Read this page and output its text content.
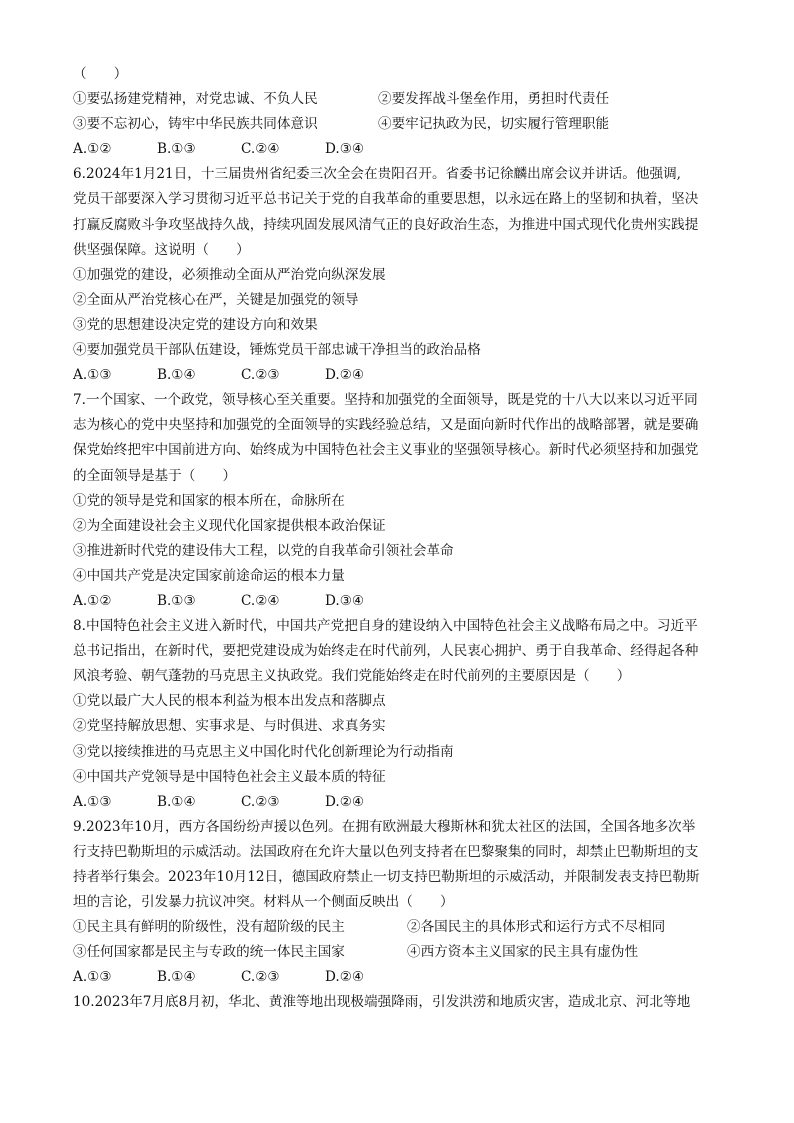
（　　）
①要弘扬建党精神，对党忠诚、不负人民	②要发挥战斗堡垒作用，勇担时代责任
③要不忘初心，铸牢中华民族共同体意识	④要牢记执政为民，切实履行管理职能
A.①②	B.①③	C.②④	D.③④
6.2024年1月21日，十三届贵州省纪委三次全会在贵阳召开。省委书记徐麟出席会议并讲话。他强调,
党员干部要深入学习贯彻习近平总书记关于党的自我革命的重要思想，以永远在路上的坚韧和执着，坚决
打赢反腐败斗争攻坚战持久战，持续巩固发展风清气正的良好政治生态，为推进中国式现代化贵州实践提
供坚强保障。这说明（　　）
①加强党的建设，必须推动全面从严治党向纵深发展
②全面从严治党核心在严，关键是加强党的领导
③党的思想建设决定党的建设方向和效果
④要加强党员干部队伍建设，锤炼党员干部忠诚干净担当的政治品格
A.①③	B.①④	C.②③	D.②④
7.一个国家、一个政党，领导核心至关重要。坚持和加强党的全面领导，既是党的十八大以来以习近平同
志为核心的党中央坚持和加强党的全面领导的实践经验总结，又是面向新时代作出的战略部署，就是要确
保党始终把牢中国前进方向、始终成为中国特色社会主义事业的坚强领导核心。新时代必须坚持和加强党
的全面领导是基于（　　）
①党的领导是党和国家的根本所在，命脉所在
②为全面建设社会主义现代化国家提供根本政治保证
③推进新时代党的建设伟大工程，以党的自我革命引领社会革命
④中国共产党是决定国家前途命运的根本力量
A.①②	B.①③	C.②④	D.③④
8.中国特色社会主义进入新时代，中国共产党把自身的建设纳入中国特色社会主义战略布局之中。习近平
总书记指出，在新时代，要把党建设成为始终走在时代前列，人民衷心拥护、勇于自我革命、经得起各种
风浪考验、朝气蓬勃的马克思主义执政党。我们党能始终走在时代前列的主要原因是（　　）
①党以最广大人民的根本利益为根本出发点和落脚点
②党坚持解放思想、实事求是、与时俱进、求真务实
③党以接续推进的马克思主义中国化时代化创新理论为行动指南
④中国共产党领导是中国特色社会主义最本质的特征
A.①③	B.①④	C.②③	D.②④
9.2023年10月，西方各国纷纷声援以色列。在拥有欧洲最大穆斯林和犹太社区的法国，全国各地多次举
行支持巴勒斯坦的示威活动。法国政府在允许大量以色列支持者在巴黎聚集的同时，却禁止巴勒斯坦的支
持者举行集会。2023年10月12日，德国政府禁止一切支持巴勒斯坦的示威活动，并限制发表支持巴勒斯
坦的言论，引发暴力抗议冲突。材料从一个侧面反映出（　　）
①民主具有鲜明的阶级性，没有超阶级的民主	②各国民主的具体形式和运行方式不尽相同
③任何国家都是民主与专政的统一体民主国家	④西方资本主义国家的民主具有虚伪性
A.①③	B.①④	C.②③	D.②④
10.2023年7月底8月初，华北、黄淮等地出现极端强降雨，引发洪涝和地质灾害，造成北京、河北等地
